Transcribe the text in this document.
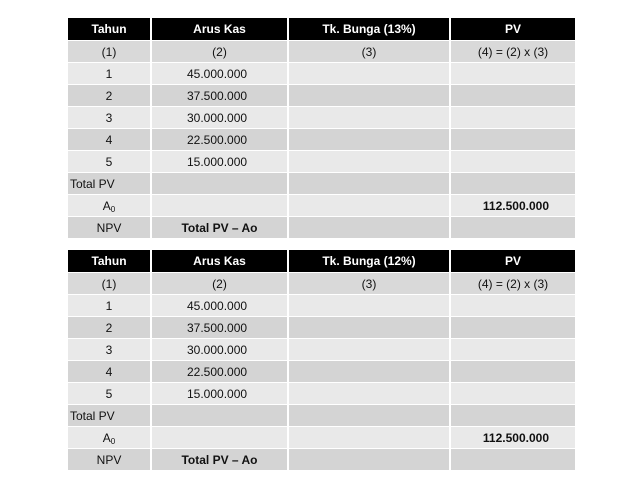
Tahun	Arus Kas	Tk. Bunga (13%)	PV
(1)	(2)	(3)	(4) = (2) x (3)
1	45.000.000		
2	37.500.000		
3	30.000.000		
4	22.500.000		
5	15.000.000		
Total PV			
$A_0$			112.500.000
NPV	Total PV – Ao		
Tahun	Arus Kas	Tk. Bunga (12%)	PV
(1)	(2)	(3)	(4) = (2) x (3)
1	45.000.000		
2	37.500.000		
3	30.000.000		
4	22.500.000		
5	15.000.000		
Total PV			
$A_0$			112.500.000
NPV	Total PV – Ao		
